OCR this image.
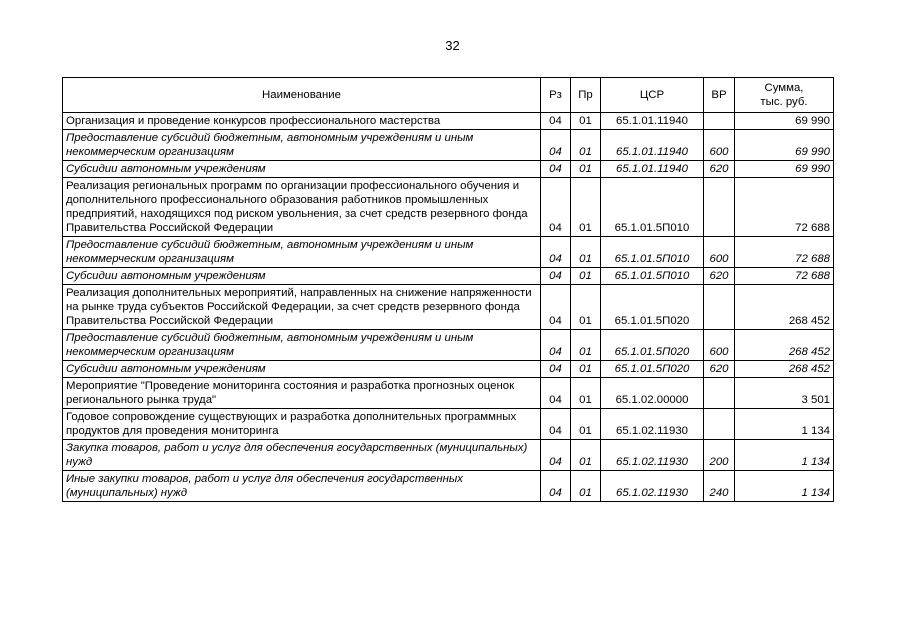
32
Наименование	Рз	Пр	ЦСР	ВР	Сумма,
тыс. руб.
Организация и проведение конкурсов профессионального мастерства	04	01	65.1.01.11940		69 990
Предоставление субсидий бюджетным, автономным учреждениям и иным некоммерческим организациям	04	01	65.1.01.11940	600	69 990
Субсидии автономным учреждениям	04	01	65.1.01.11940	620	69 990
Реализация региональных программ по организации профессионального обучения и дополнительного профессионального образования работников промышленных предприятий, находящихся под риском увольнения, за счет средств резервного фонда Правительства Российской Федерации	04	01	65.1.01.5П010		72 688
Предоставление субсидий бюджетным, автономным учреждениям и иным некоммерческим организациям	04	01	65.1.01.5П010	600	72 688
Субсидии автономным учреждениям	04	01	65.1.01.5П010	620	72 688
Реализация дополнительных мероприятий, направленных на снижение напряженности на рынке труда субъектов Российской Федерации, за счет средств резервного фонда Правительства Российской Федерации	04	01	65.1.01.5П020		268 452
Предоставление субсидий бюджетным, автономным учреждениям и иным некоммерческим организациям	04	01	65.1.01.5П020	600	268 452
Субсидии автономным учреждениям	04	01	65.1.01.5П020	620	268 452
Мероприятие "Проведение мониторинга состояния и разработка прогнозных оценок регионального рынка труда"	04	01	65.1.02.00000		3 501
Годовое сопровождение существующих и разработка дополнительных программных продуктов для проведения мониторинга	04	01	65.1.02.11930		1 134
Закупка товаров, работ и услуг для обеспечения государственных (муниципальных) нужд	04	01	65.1.02.11930	200	1 134
Иные закупки товаров, работ и услуг для обеспечения государственных (муниципальных) нужд	04	01	65.1.02.11930	240	1 134
